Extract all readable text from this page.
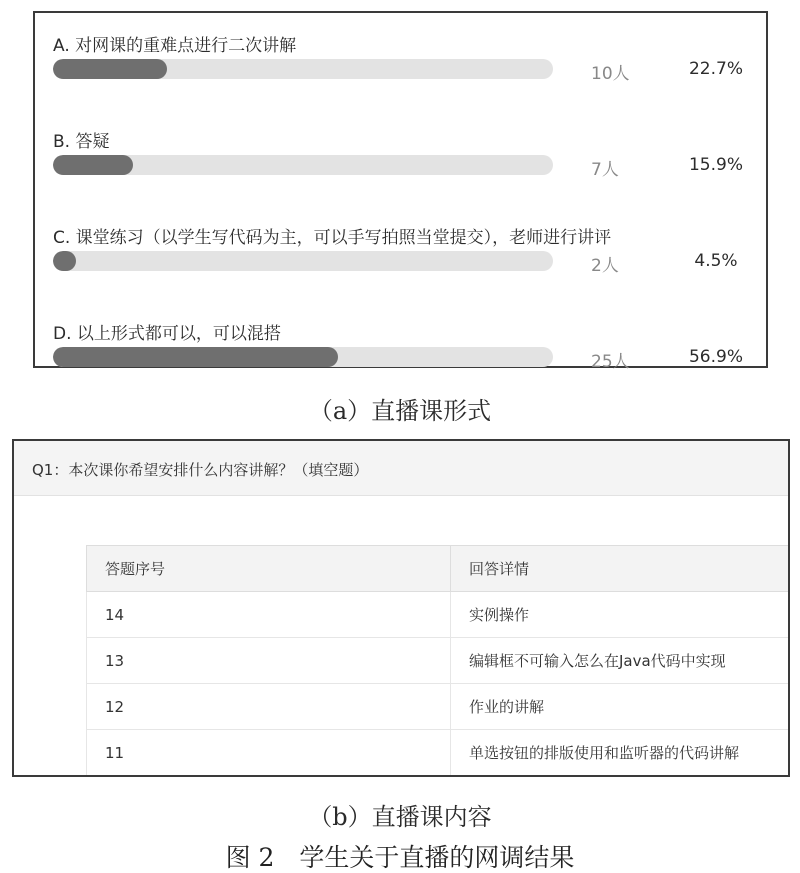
A. 对网课的重难点进行二次讲解
10人	22.7%
B. 答疑
7人	15.9%
C. 课堂练习（以学生写代码为主，可以手写拍照当堂提交），老师进行讲评
2人	4.5%
D. 以上形式都可以，可以混搭
25人	56.9%
（a）直播课形式
Q1：本次课你希望安排什么内容讲解？（填空题）
答题序号	回答详情
14	实例操作
13	编辑框不可输入怎么在Java代码中实现
12	作业的讲解
11	单选按钮的排版使用和监听器的代码讲解
（b）直播课内容
图 2　学生关于直播的网调结果
